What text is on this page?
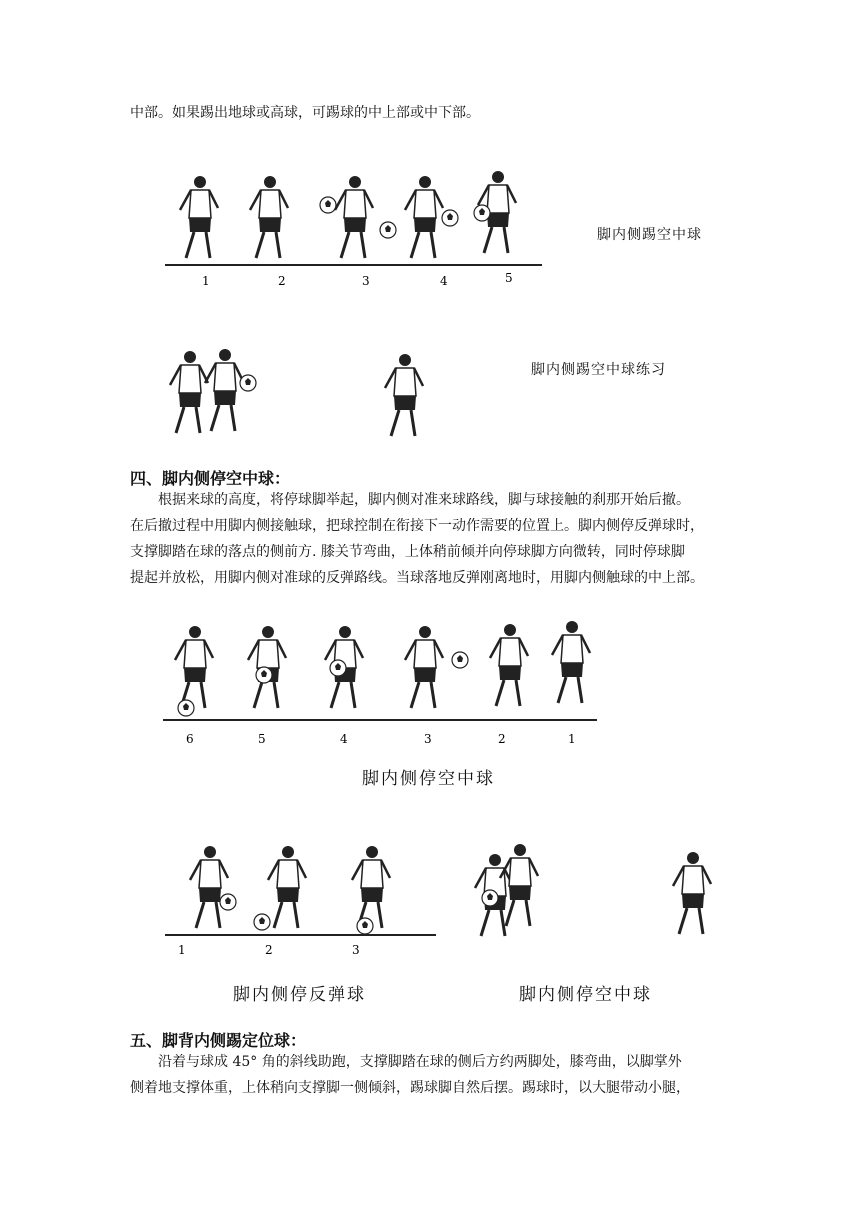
中部。如果踢出地球或高球，可踢球的中上部或中下部。
1	2	3	4	5
脚内侧踢空中球
脚内侧踢空中球练习
四、脚内侧停空中球：
根据来球的高度，将停球脚举起，脚内侧对准来球路线，脚与球接触的刹那开始后撤。
在后撤过程中用脚内侧接触球，把球控制在衔接下一动作需要的位置上。脚内侧停反弹球时，
支撑脚踏在球的落点的侧前方. 膝关节弯曲，上体稍前倾并向停球脚方向微转，同时停球脚
提起并放松，用脚内侧对准球的反弹路线。当球落地反弹刚离地时，用脚内侧触球的中上部。
6	5	4	3	2	1
脚内侧停空中球
1	2	3
脚内侧停反弹球	脚内侧停空中球
五、脚背内侧踢定位球：
沿着与球成 45° 角的斜线助跑，支撑脚踏在球的侧后方约两脚处，膝弯曲，以脚掌外
侧着地支撑体重，上体稍向支撑脚一侧倾斜，踢球脚自然后摆。踢球时，以大腿带动小腿，
